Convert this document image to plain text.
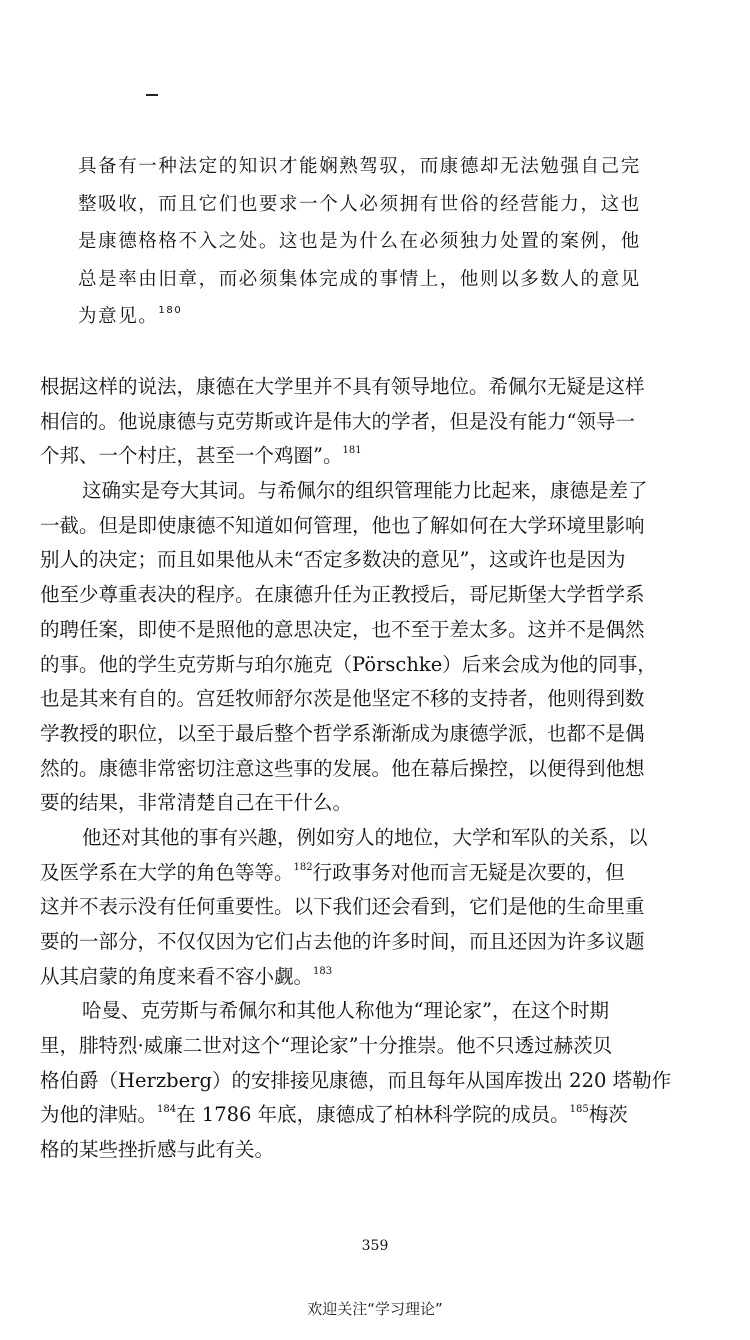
具备有一种法定的知识才能娴熟驾驭，而康德却无法勉强自己完
整吸收，而且它们也要求一个人必须拥有世俗的经营能力，这也
是康德格格不入之处。这也是为什么在必须独力处置的案例，他
总是率由旧章，而必须集体完成的事情上，他则以多数人的意见
为意见。$^{180}$
根据这样的说法，康德在大学里并不具有领导地位。希佩尔无疑是这样
相信的。他说康德与克劳斯或许是伟大的学者，但是没有能力“领导一
个邦、一个村庄，甚至一个鸡圈”。$^{181}$
这确实是夸大其词。与希佩尔的组织管理能力比起来，康德是差了
一截。但是即使康德不知道如何管理，他也了解如何在大学环境里影响
别人的决定；而且如果他从未“否定多数决的意见”，这或许也是因为
他至少尊重表决的程序。在康德升任为正教授后，哥尼斯堡大学哲学系
的聘任案，即使不是照他的意思决定，也不至于差太多。这并不是偶然
的事。他的学生克劳斯与珀尔施克（Pörschke）后来会成为他的同事，
也是其来有自的。宫廷牧师舒尔茨是他坚定不移的支持者，他则得到数
学教授的职位，以至于最后整个哲学系渐渐成为康德学派，也都不是偶
然的。康德非常密切注意这些事的发展。他在幕后操控，以便得到他想
要的结果，非常清楚自己在干什么。
他还对其他的事有兴趣，例如穷人的地位，大学和军队的关系，以
及医学系在大学的角色等等。$^{182}$行政事务对他而言无疑是次要的，但
这并不表示没有任何重要性。以下我们还会看到，它们是他的生命里重
要的一部分，不仅仅因为它们占去他的许多时间，而且还因为许多议题
从其启蒙的角度来看不容小觑。$^{183}$
哈曼、克劳斯与希佩尔和其他人称他为“理论家”，在这个时期
里，腓特烈·威廉二世对这个“理论家”十分推崇。他不只透过赫茨贝
格伯爵（Herzberg）的安排接见康德，而且每年从国库拨出 220 塔勒作
为他的津贴。$^{184}$在 1786 年底，康德成了柏林科学院的成员。$^{185}$梅茨
格的某些挫折感与此有关。
359
欢迎关注“学习理论”
